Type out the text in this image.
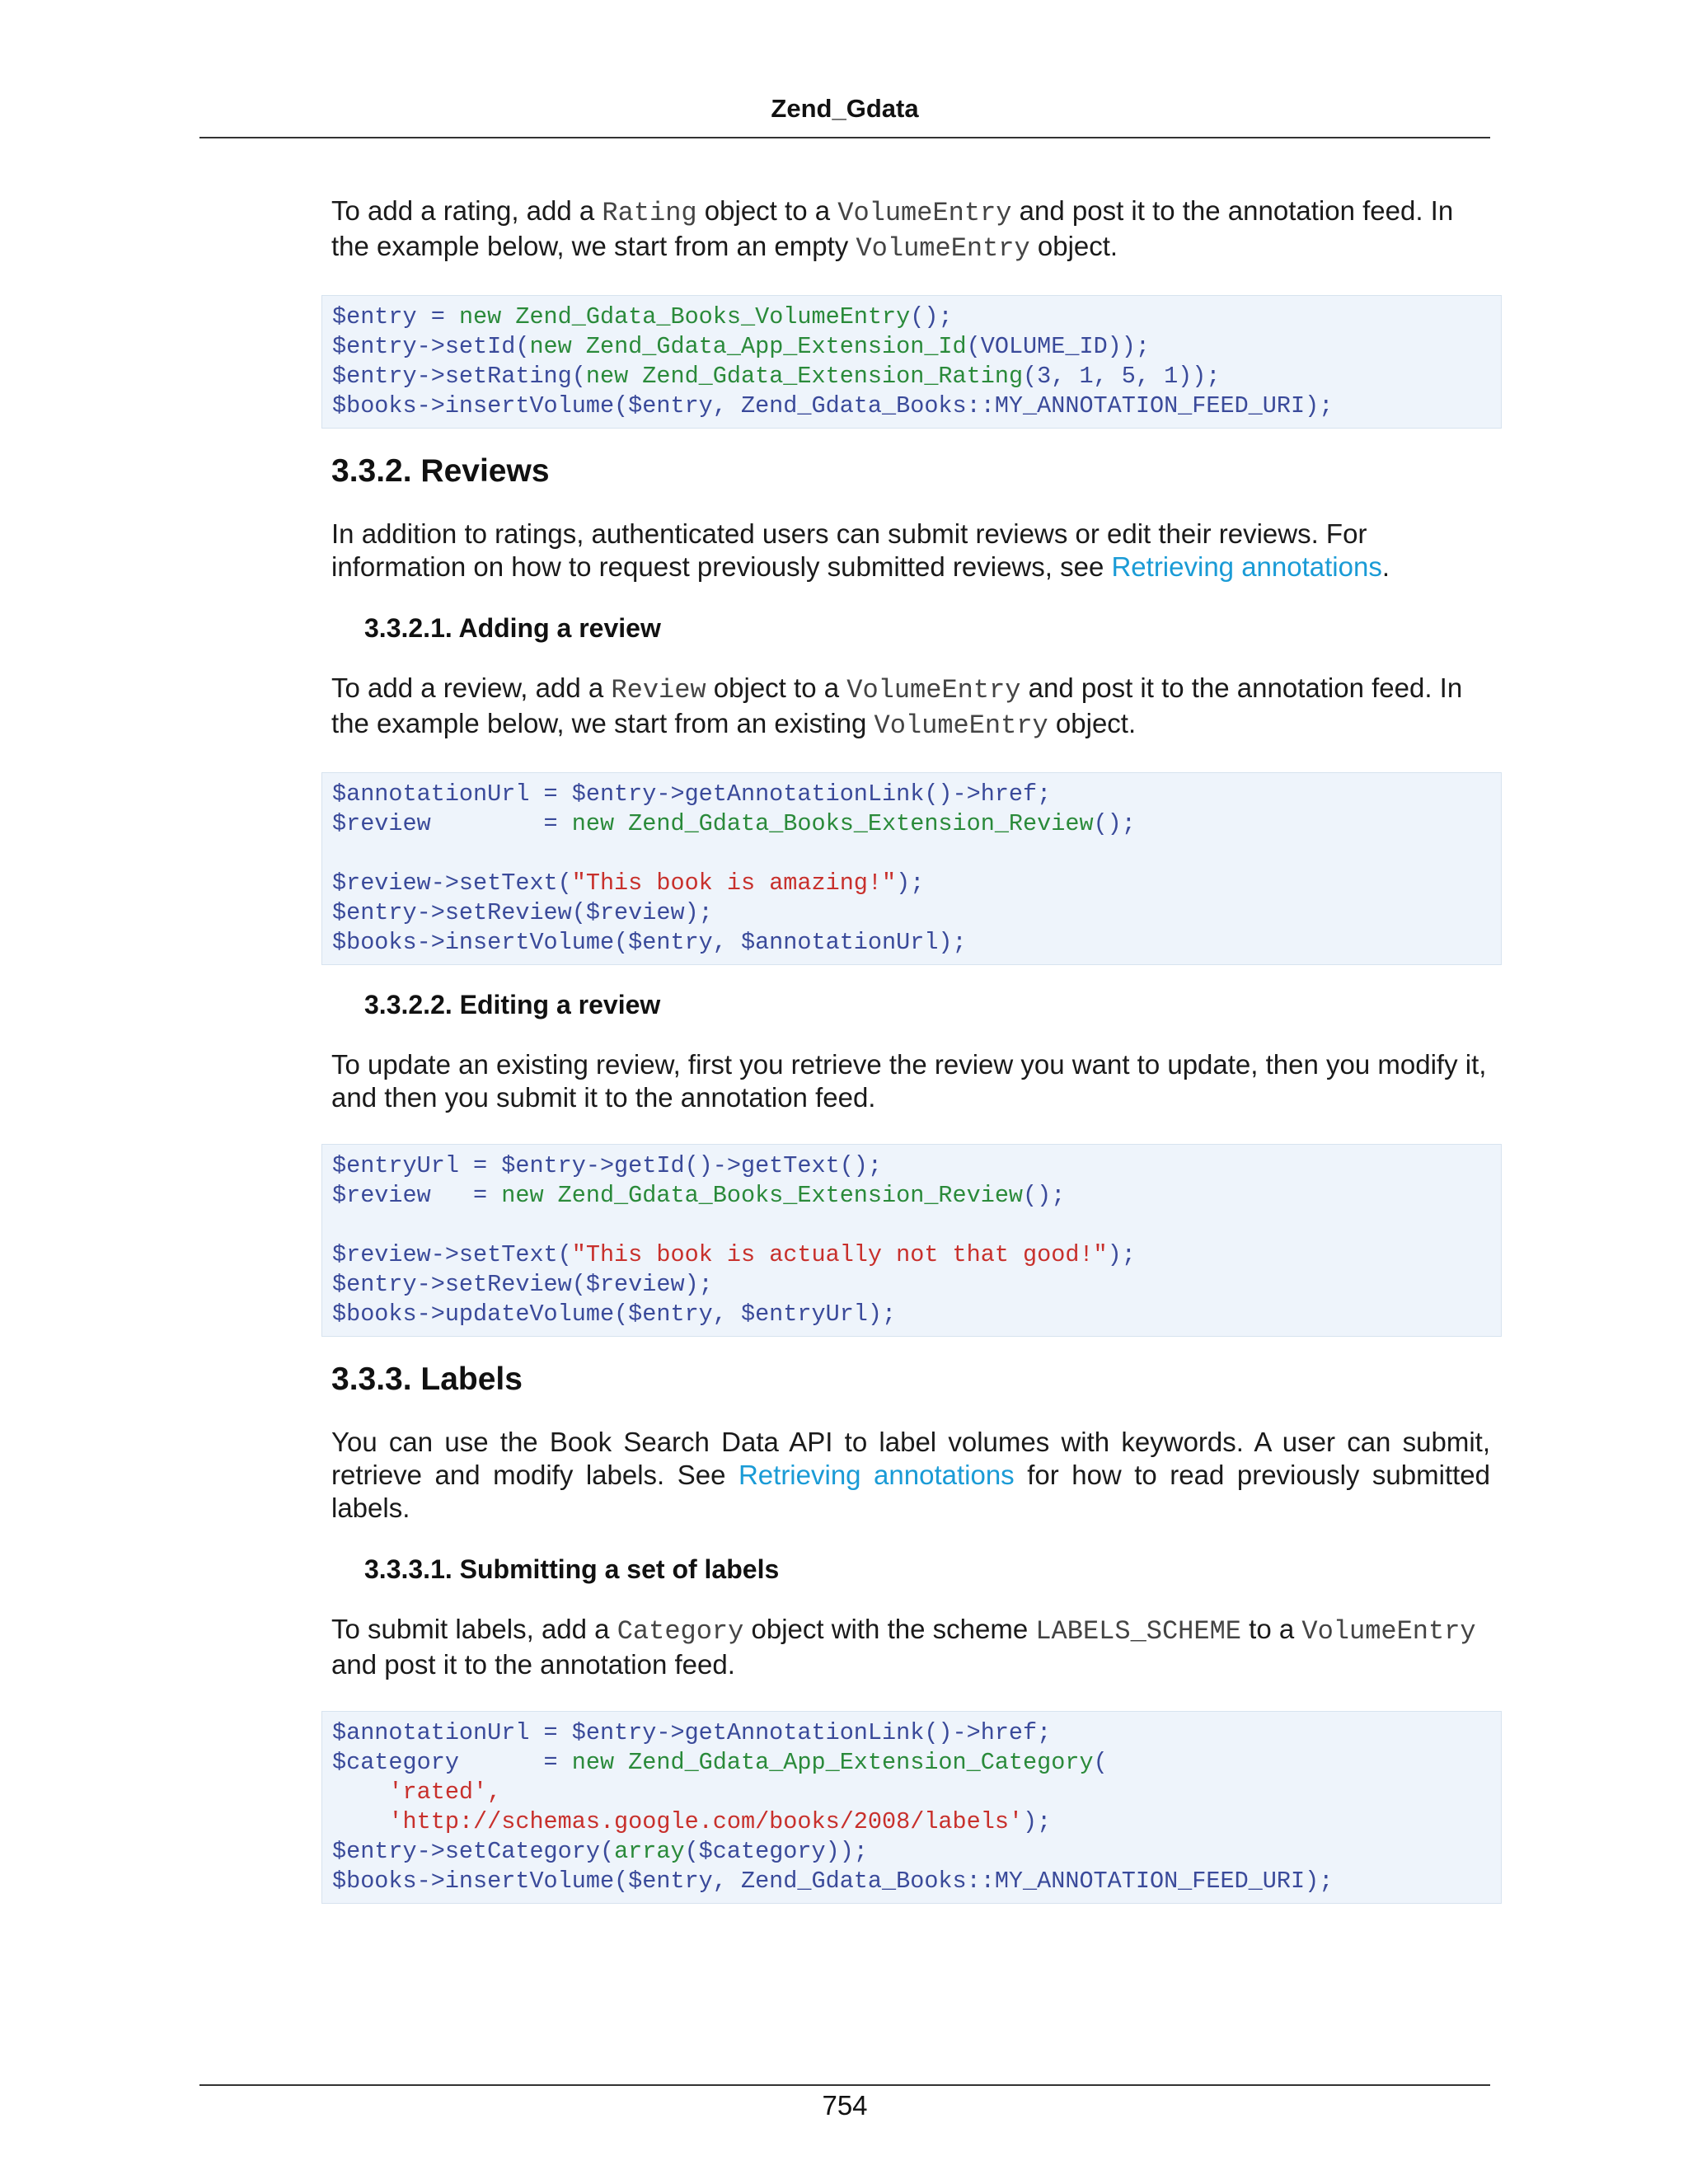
Zend_Gdata

To add a rating, add a Rating object to a VolumeEntry and post it to the annotation feed. In the example below, we start from an empty VolumeEntry object.

$entry = new Zend_Gdata_Books_VolumeEntry();
$entry->setId(new Zend_Gdata_App_Extension_Id(VOLUME_ID));
$entry->setRating(new Zend_Gdata_Extension_Rating(3, 1, 5, 1));
$books->insertVolume($entry, Zend_Gdata_Books::MY_ANNOTATION_FEED_URI);
3.3.2. Reviews

In addition to ratings, authenticated users can submit reviews or edit their reviews. For information on how to request previously submitted reviews, see Retrieving annotations.

3.3.2.1. Adding a review

To add a review, add a Review object to a VolumeEntry and post it to the annotation feed. In the example below, we start from an existing VolumeEntry object.

$annotationUrl = $entry->getAnnotationLink()->href;
$review        = new Zend_Gdata_Books_Extension_Review();

$review->setText("This book is amazing!");
$entry->setReview($review);
$books->insertVolume($entry, $annotationUrl);
3.3.2.2. Editing a review

To update an existing review, first you retrieve the review you want to update, then you modify it, and then you submit it to the annotation feed.

$entryUrl = $entry->getId()->getText();
$review   = new Zend_Gdata_Books_Extension_Review();

$review->setText("This book is actually not that good!");
$entry->setReview($review);
$books->updateVolume($entry, $entryUrl);
3.3.3. Labels

You can use the Book Search Data API to label volumes with keywords. A user can submit, retrieve and modify labels. See Retrieving annotations for how to read previously submitted labels.

3.3.3.1. Submitting a set of labels

To submit labels, add a Category object with the scheme LABELS_SCHEME to a VolumeEntry and post it to the annotation feed.

$annotationUrl = $entry->getAnnotationLink()->href;
$category      = new Zend_Gdata_App_Extension_Category(
'rated',
'http://schemas.google.com/books/2008/labels');
$entry->setCategory(array($category));
$books->insertVolume($entry, Zend_Gdata_Books::MY_ANNOTATION_FEED_URI);
754
